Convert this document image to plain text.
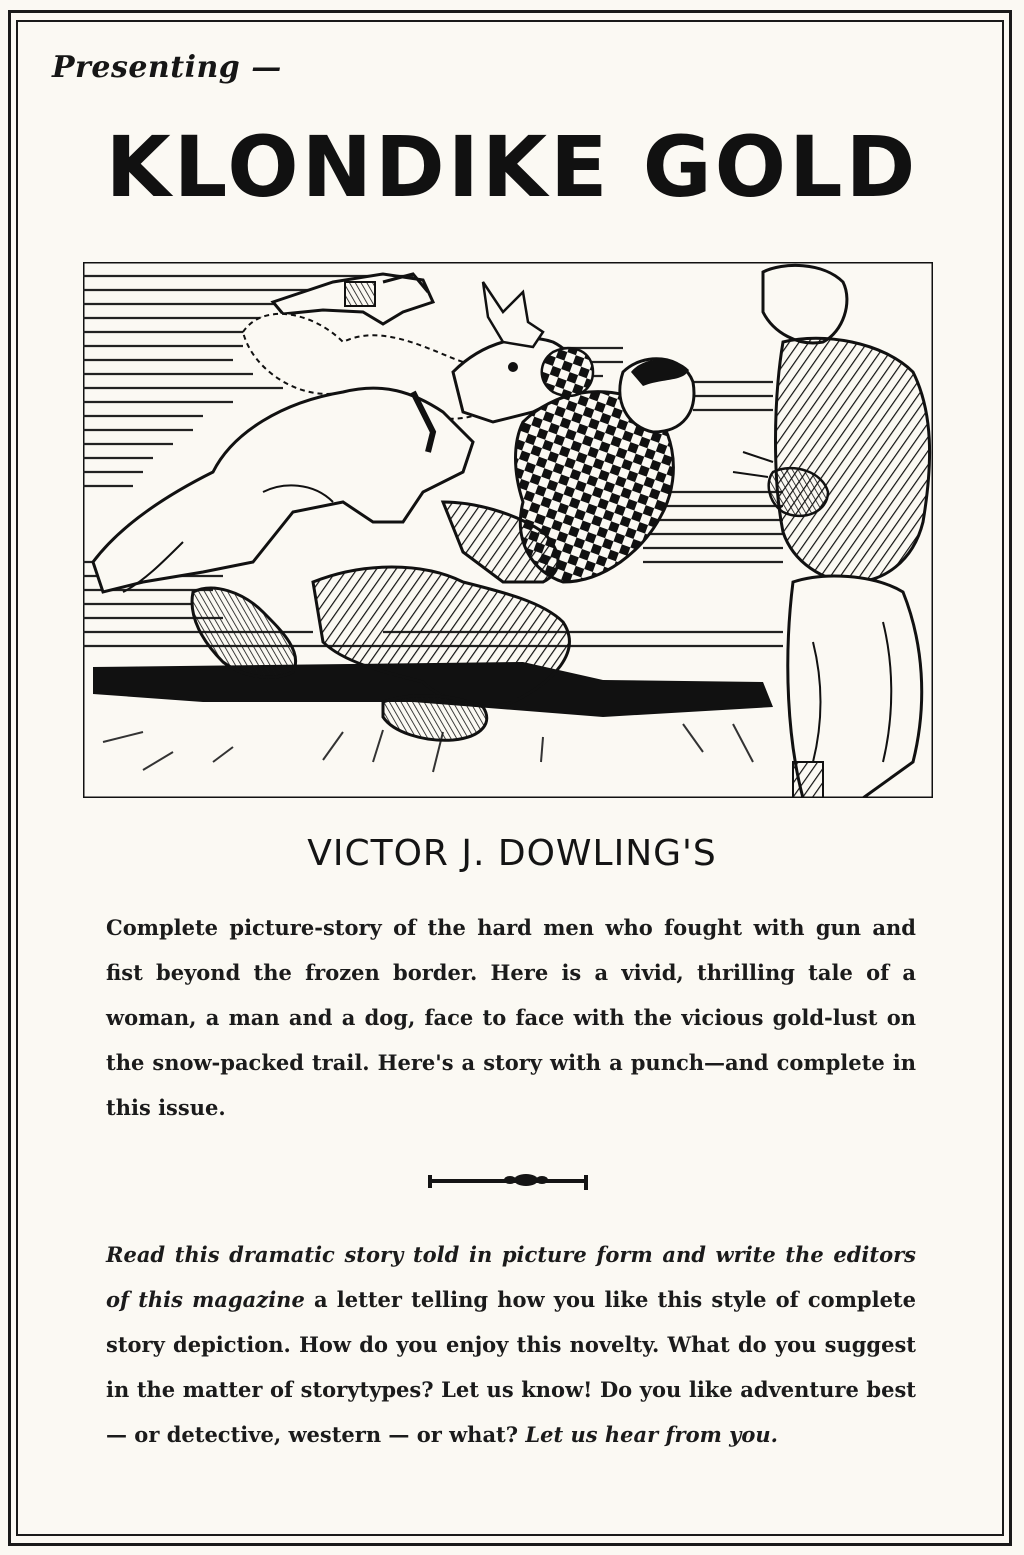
Presenting —

KLONDIKE GOLD

VICTOR J. DOWLING'S

Complete picture-story of the hard men who fought with gun and fist beyond the frozen border. Here is a vivid, thrilling tale of a woman, a man and a dog, face to face with the vicious gold-lust on the snow-packed trail. Here's a story with a punch—and complete in this issue.

Read this dramatic story told in picture form and write the editors of this magazine a letter telling how you like this style of complete story depiction. How do you enjoy this novelty. What do you suggest in the matter of storytypes? Let us know! Do you like adventure best — or detective, western — or what? Let us hear from you.
